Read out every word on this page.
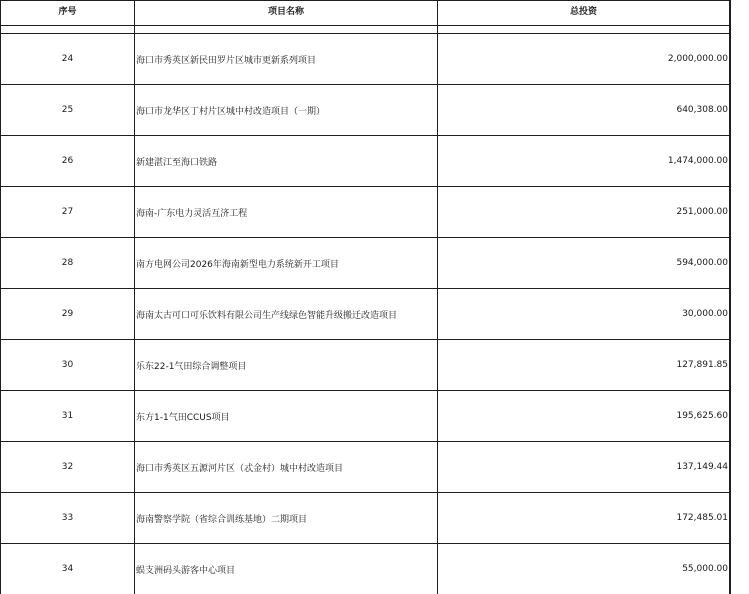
序号	项目名称	总投资

24	海口市秀英区新民田罗片区城市更新系列项目	2,000,000.00
25	海口市龙华区丁村片区城中村改造项目（一期）	640,308.00
26	新建湛江至海口铁路	1,474,000.00
27	海南-广东电力灵活互济工程	251,000.00
28	南方电网公司2026年海南新型电力系统新开工项目	594,000.00
29	海南太古可口可乐饮料有限公司生产线绿色智能升级搬迁改造项目	30,000.00
30	乐东22-1气田综合调整项目	127,891.85
31	东方1-1气田CCUS项目	195,625.60
32	海口市秀英区五源河片区（忒金村）城中村改造项目	137,149.44
33	海南警察学院（省综合训练基地）二期项目	172,485.01
34	蜈支洲码头游客中心项目	55,000.00
